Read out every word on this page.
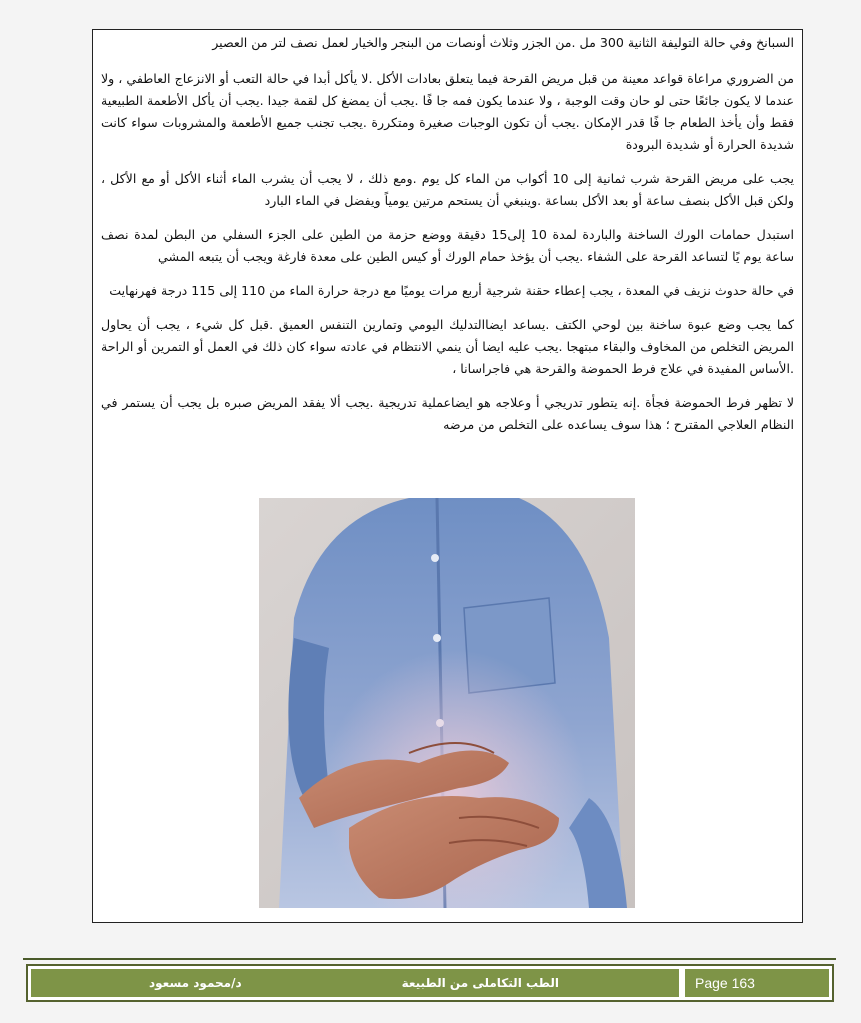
السبانخ وفي حالة التوليفة الثانية 300 مل .من الجزر وثلاث أونصات من البنجر والخيار لعمل نصف لتر من العصير

من الضروري مراعاة قواعد معينة من قبل مريض القرحة فيما يتعلق بعادات الأكل .لا يأكل أبدا في حالة التعب أو الانزعاج العاطفي ، ولا عندما لا يكون جائعًا حتى لو حان وقت الوجبة ، ولا عندما يكون فمه جا فًا .يجب أن يمضغ كل لقمة جيدا .يجب أن يأكل الأطعمة الطبيعية فقط وأن يأخذ الطعام جا فًا قدر الإمكان .يجب أن تكون الوجبات صغيرة ومتكررة .يجب تجنب جميع الأطعمة والمشروبات سواء كانت شديدة الحرارة أو شديدة البرودة

يجب على مريض القرحة شرب ثمانية إلى 10 أكواب من الماء كل يوم .ومع ذلك ، لا يجب أن يشرب الماء أثناء الأكل أو مع الأكل ، ولكن قبل الأكل بنصف ساعة أو بعد الأكل بساعة .وينبغي أن يستحم مرتين يومياً ويفضل في الماء البارد

استبدل حمامات الورك الساخنة والباردة لمدة 10 إلى15 دقيقة ووضع حزمة من الطين على الجزء السفلي من البطن لمدة نصف ساعة يوم يًا لتساعد القرحة على الشفاء .يجب أن يؤخذ حمام الورك أو كيس الطين على معدة فارغة ويجب أن يتبعه المشي

في حالة حدوث نزيف في المعدة ، يجب إعطاء حقنة شرجية أربع مرات يوميًا مع درجة حرارة الماء من 110 إلى 115 درجة فهرنهايت

كما يجب وضع عبوة ساخنة بين لوحي الكتف .يساعد ايضاالتدليك اليومي وتمارين التنفس العميق .قبل كل شيء ، يجب أن يحاول المريض التخلص من المخاوف والبقاء مبتهجا .يجب عليه ايضا أن ينمي الانتظام في عادته سواء كان ذلك في العمل أو التمرين أو الراحة .الأساس المفيدة في علاج فرط الحموضة والقرحة هي فاجراسانا ،

لا تظهر فرط الحموضة فجأة .إنه يتطور تدريجي أ وعلاجه هو ايضاعملية تدريجية .يجب ألا يفقد المريض صبره بل يجب أن يستمر في النظام العلاجي المقترح ؛ هذا سوف يساعده على التخلص من مرضه

الطب التكاملى من الطبيعة
د/محمود مسعود	Page 163
